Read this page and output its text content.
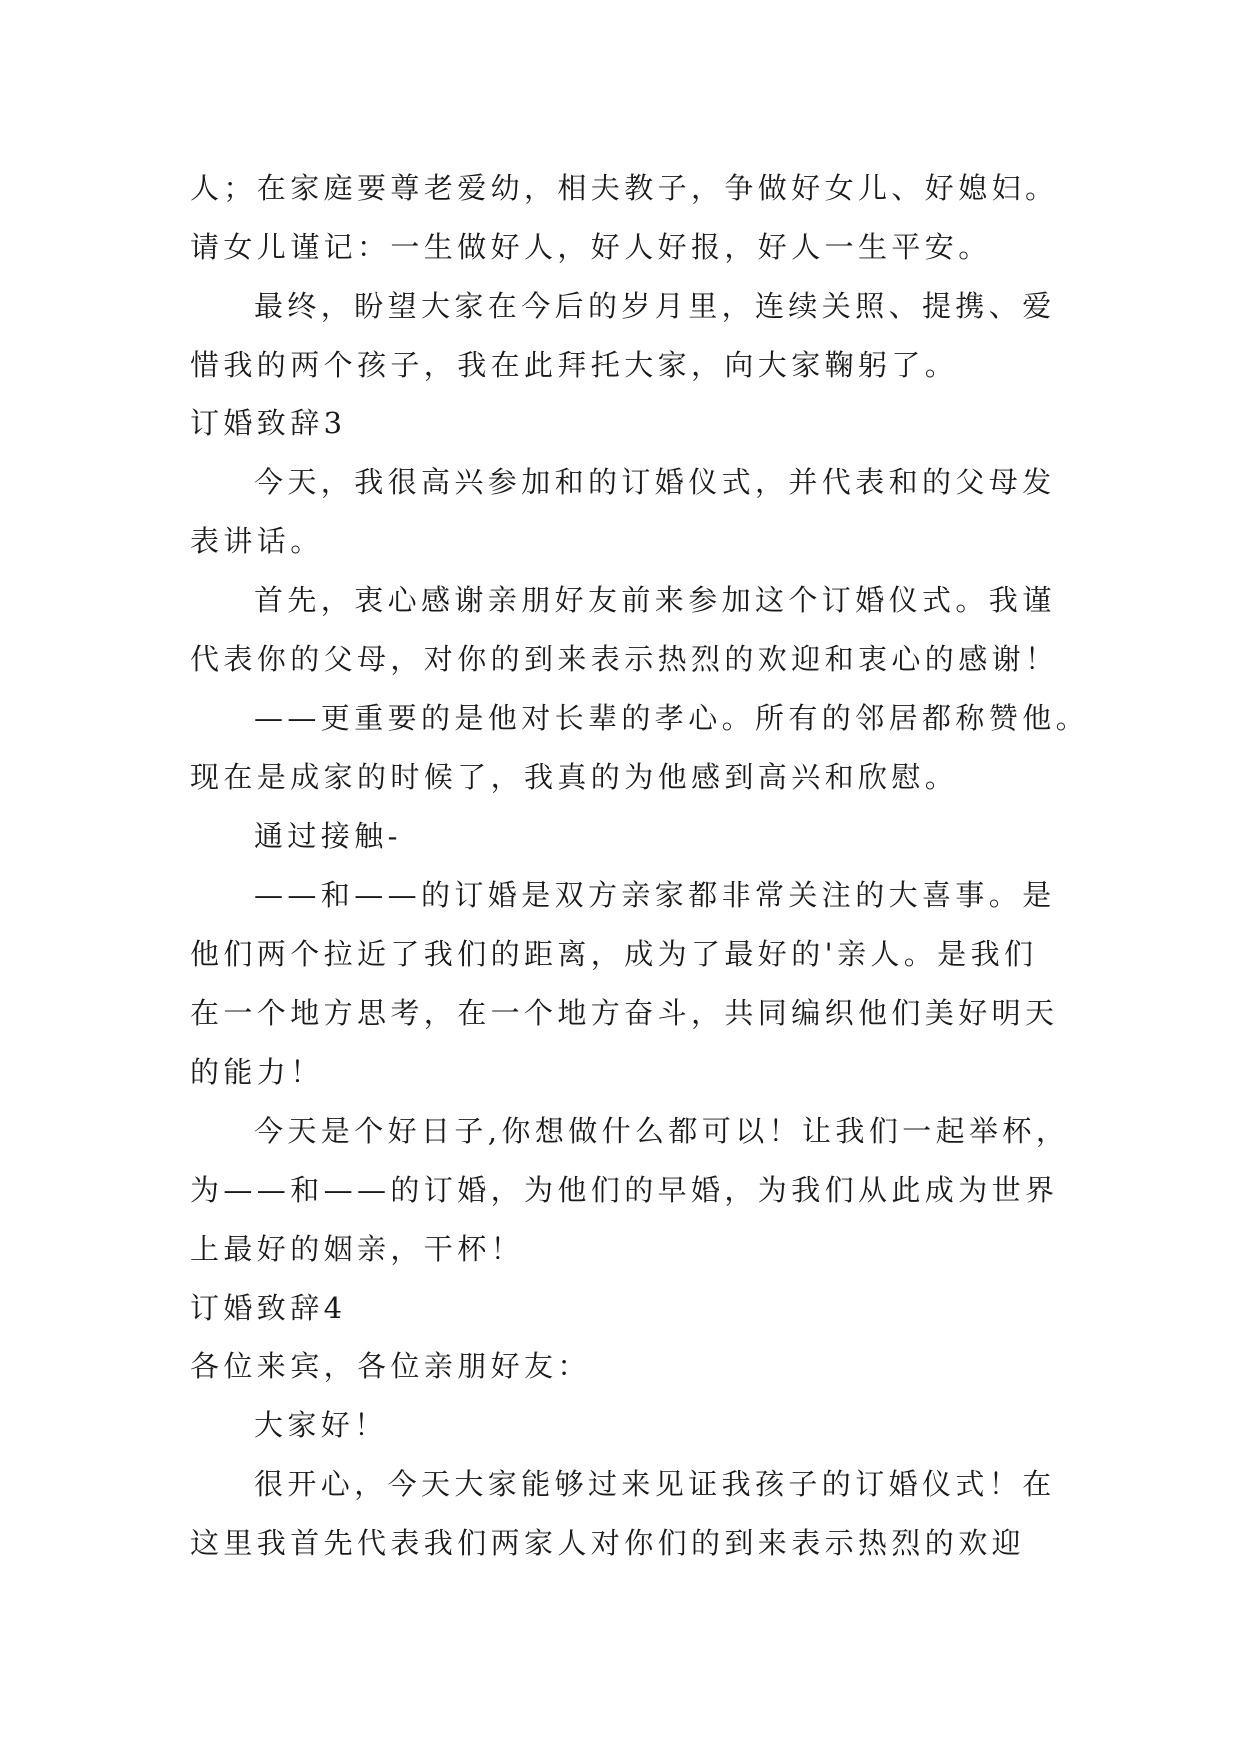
人；在家庭要尊老爱幼，相夫教子，争做好女儿、好媳妇。
请女儿谨记：一生做好人，好人好报，好人一生平安。
最终，盼望大家在今后的岁月里，连续关照、提携、爱
惜我的两个孩子，我在此拜托大家，向大家鞠躬了。
订婚致辞3
今天，我很高兴参加和的订婚仪式，并代表和的父母发
表讲话。
首先，衷心感谢亲朋好友前来参加这个订婚仪式。我谨
代表你的父母，对你的到来表示热烈的欢迎和衷心的感谢！
——更重要的是他对长辈的孝心。所有的邻居都称赞他。
现在是成家的时候了，我真的为他感到高兴和欣慰。
通过接触-
——和——的订婚是双方亲家都非常关注的大喜事。是
他们两个拉近了我们的距离，成为了最好的'亲人。是我们
在一个地方思考，在一个地方奋斗，共同编织他们美好明天
的能力！
今天是个好日子,你想做什么都可以！让我们一起举杯，
为——和——的订婚，为他们的早婚，为我们从此成为世界
上最好的姻亲，干杯！
订婚致辞4
各位来宾，各位亲朋好友：
大家好！
很开心，今天大家能够过来见证我孩子的订婚仪式！在
这里我首先代表我们两家人对你们的到来表示热烈的欢迎
